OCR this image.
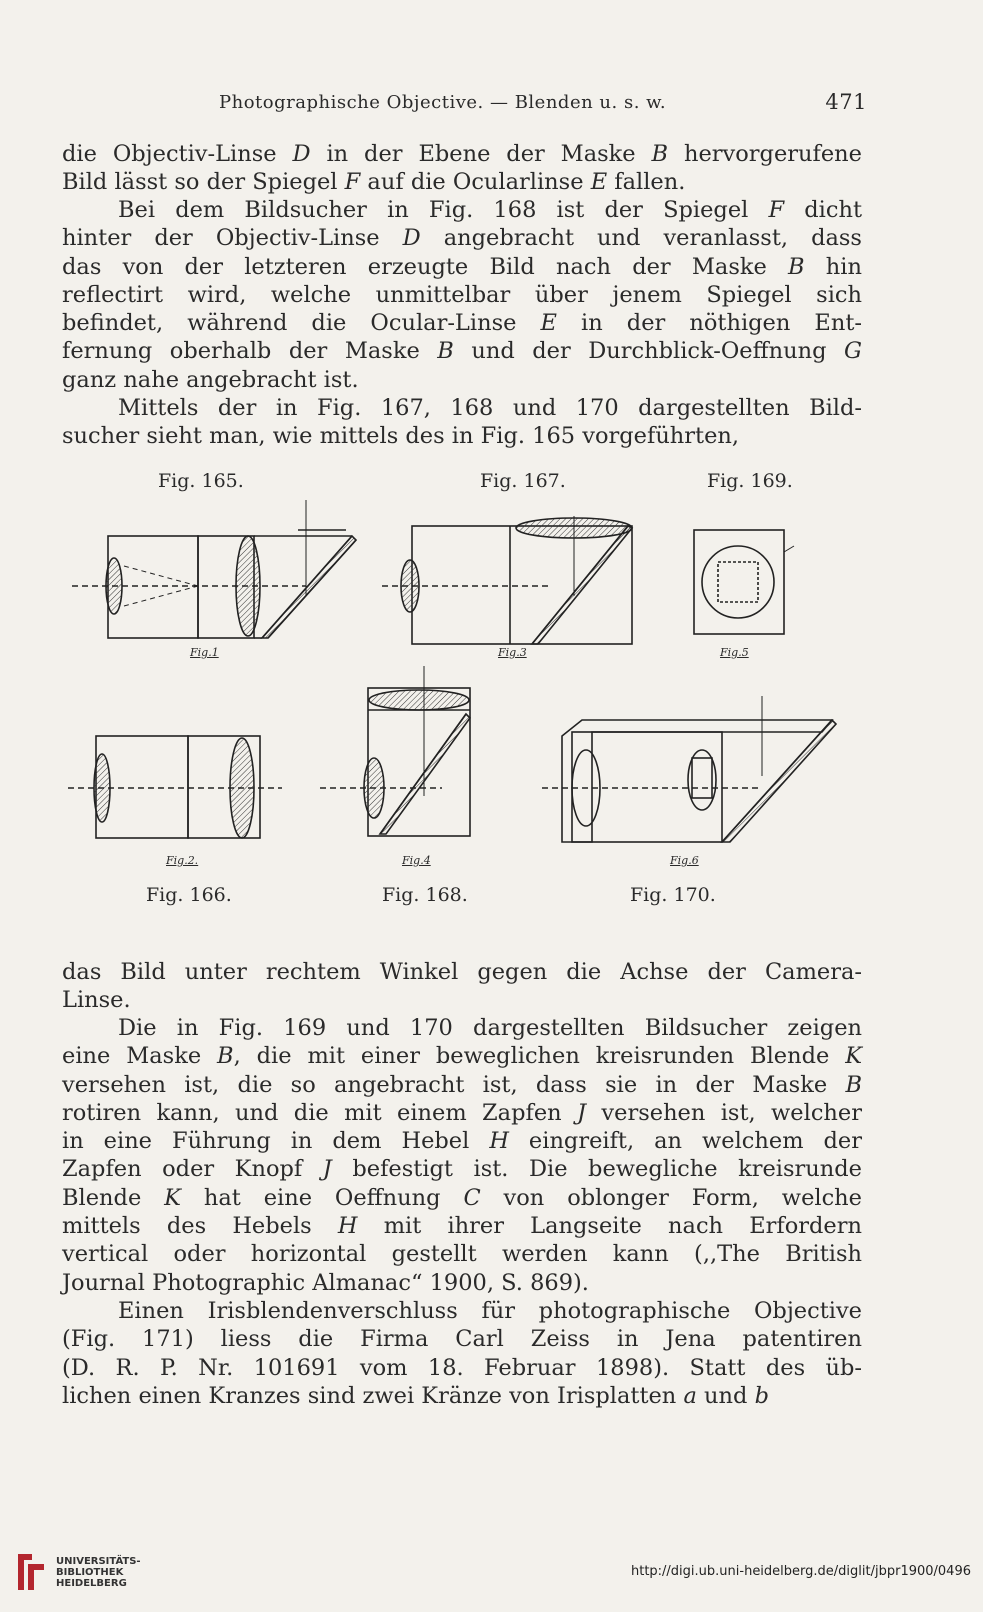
Photographische Objective. — Blenden u. s. w.	471
die Objectiv-Linse D in der Ebene der Maske B hervorgerufene
Bild lässt so der Spiegel F auf die Ocularlinse E fallen.
Bei dem Bildsucher in Fig. 168 ist der Spiegel F dicht
hinter der Objectiv-Linse D angebracht und veranlasst, dass
das von der letzteren erzeugte Bild nach der Maske B hin
reflectirt wird, welche unmittelbar über jenem Spiegel sich
befindet, während die Ocular-Linse E in der nöthigen Ent-
fernung oberhalb der Maske B und der Durchblick-Oeffnung G
ganz nahe angebracht ist.
Mittels der in Fig. 167, 168 und 170 dargestellten Bild-
sucher sieht man, wie mittels des in Fig. 165 vorgeführten,
Fig. 165.	Fig. 167.	Fig. 169.
Fig.1	Fig.3	Fig.5
Fig.2.	Fig.4	Fig.6
Fig. 166.	Fig. 168.	Fig. 170.
das Bild unter rechtem Winkel gegen die Achse der Camera-
Linse.
Die in Fig. 169 und 170 dargestellten Bildsucher zeigen
eine Maske B, die mit einer beweglichen kreisrunden Blende K
versehen ist, die so angebracht ist, dass sie in der Maske B
rotiren kann, und die mit einem Zapfen J versehen ist, welcher
in eine Führung in dem Hebel H eingreift, an welchem der
Zapfen oder Knopf J befestigt ist. Die bewegliche kreisrunde
Blende K hat eine Oeffnung C von oblonger Form, welche
mittels des Hebels H mit ihrer Langseite nach Erfordern
vertical oder horizontal gestellt werden kann (,,The British
Journal Photographic Almanac“ 1900, S. 869).
Einen Irisblendenverschluss für photographische Objective
(Fig. 171) liess die Firma Carl Zeiss in Jena patentiren
(D. R. P. Nr. 101691 vom 18. Februar 1898). Statt des üb-
lichen einen Kranzes sind zwei Kränze von Irisplatten a und b
UNIVERSITÄTS-
BIBLIOTHEK
HEIDELBERG
http://digi.ub.uni-heidelberg.de/diglit/jbpr1900/0496
